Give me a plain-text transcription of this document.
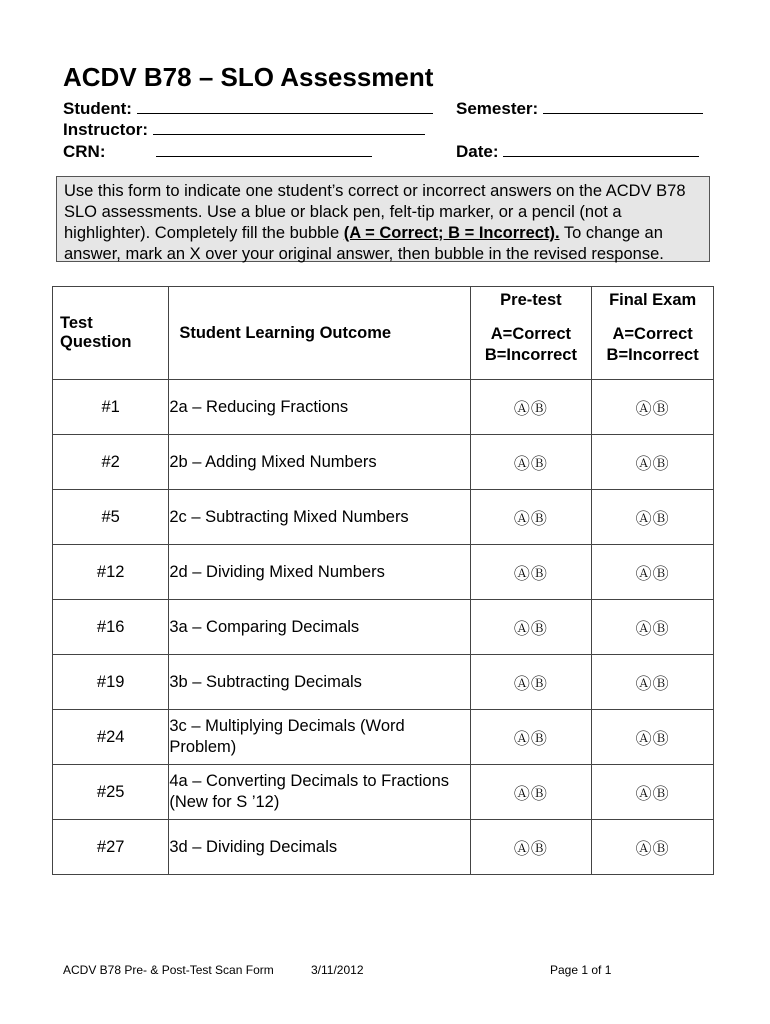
ACDV B78 – SLO Assessment
Student:	Semester:
Instructor:
CRN:	Date:
Use this form to indicate one student’s correct or incorrect answers on the ACDV B78 SLO assessments. Use a blue or black pen, felt-tip marker, or a pencil (not a highlighter). Completely fill the bubble (A = Correct; B = Incorrect). To change an answer, mark an X over your original answer, then bubble in the revised response.
Test
Question	Student Learning Outcome	Pre-test
A=Correct
B=Incorrect	Final Exam
A=Correct
B=Incorrect

#1	2a – Reducing Fractions	ⒶⒷ	ⒶⒷ
#2	2b – Adding Mixed Numbers	ⒶⒷ	ⒶⒷ
#5	2c – Subtracting Mixed Numbers	ⒶⒷ	ⒶⒷ
#12	2d – Dividing Mixed Numbers	ⒶⒷ	ⒶⒷ
#16	3a – Comparing Decimals	ⒶⒷ	ⒶⒷ
#19	3b – Subtracting Decimals	ⒶⒷ	ⒶⒷ
#24	3c – Multiplying Decimals (Word Problem)	ⒶⒷ	ⒶⒷ
#25	4a – Converting Decimals to Fractions (New for S ’12)	ⒶⒷ	ⒶⒷ
#27	3d – Dividing Decimals	ⒶⒷ	ⒶⒷ
ACDV B78 Pre- & Post-Test Scan Form	3/11/2012	Page 1 of 1
